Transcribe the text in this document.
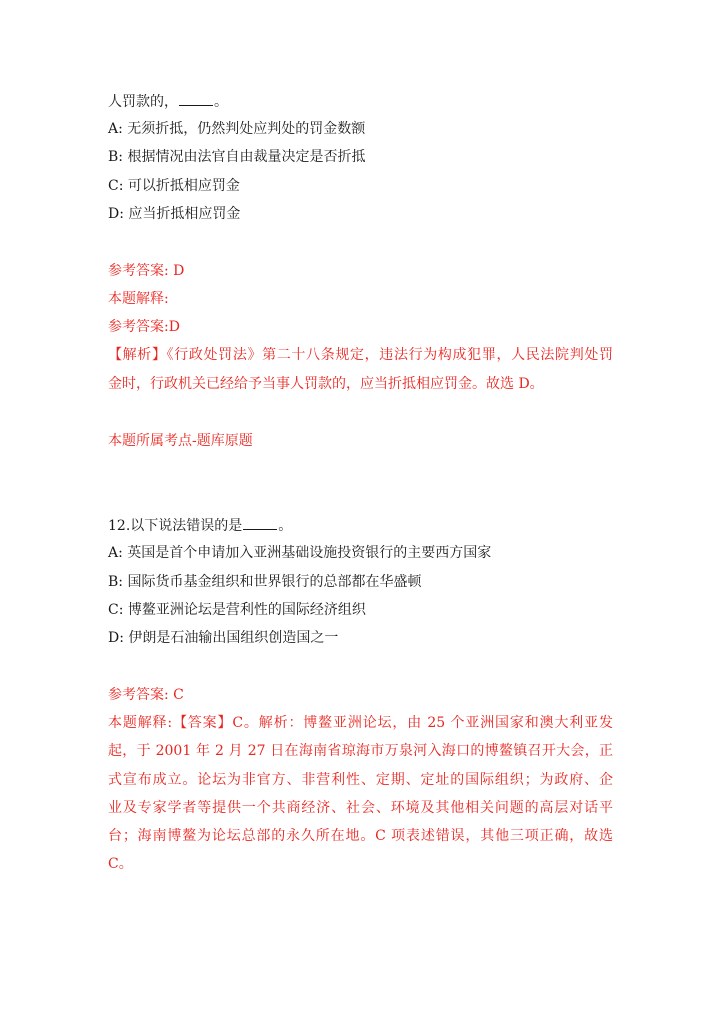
人罚款的，	。
A: 无须折抵，仍然判处应判处的罚金数额
B: 根据情况由法官自由裁量决定是否折抵
C: 可以折抵相应罚金
D: 应当折抵相应罚金
参考答案: D
本题解释:
参考答案:D
【解析】《行政处罚法》第二十八条规定，违法行为构成犯罪，人民法院判处罚
金时，行政机关已经给予当事人罚款的，应当折抵相应罚金。故选 D。
本题所属考点-题库原题
12.以下说法错误的是	。
A: 英国是首个申请加入亚洲基础设施投资银行的主要西方国家
B: 国际货币基金组织和世界银行的总部都在华盛顿
C: 博鳌亚洲论坛是营利性的国际经济组织
D: 伊朗是石油输出国组织创造国之一
参考答案: C
本题解释:【答案】C。解析：博鳌亚洲论坛，由 25 个亚洲国家和澳大利亚发
起，于 2001 年 2 月 27 日在海南省琼海市万泉河入海口的博鳌镇召开大会，正
式宣布成立。论坛为非官方、非营利性、定期、定址的国际组织；为政府、企
业及专家学者等提供一个共商经济、社会、环境及其他相关问题的高层对话平
台；海南博鳌为论坛总部的永久所在地。C 项表述错误，其他三项正确，故选
C。
